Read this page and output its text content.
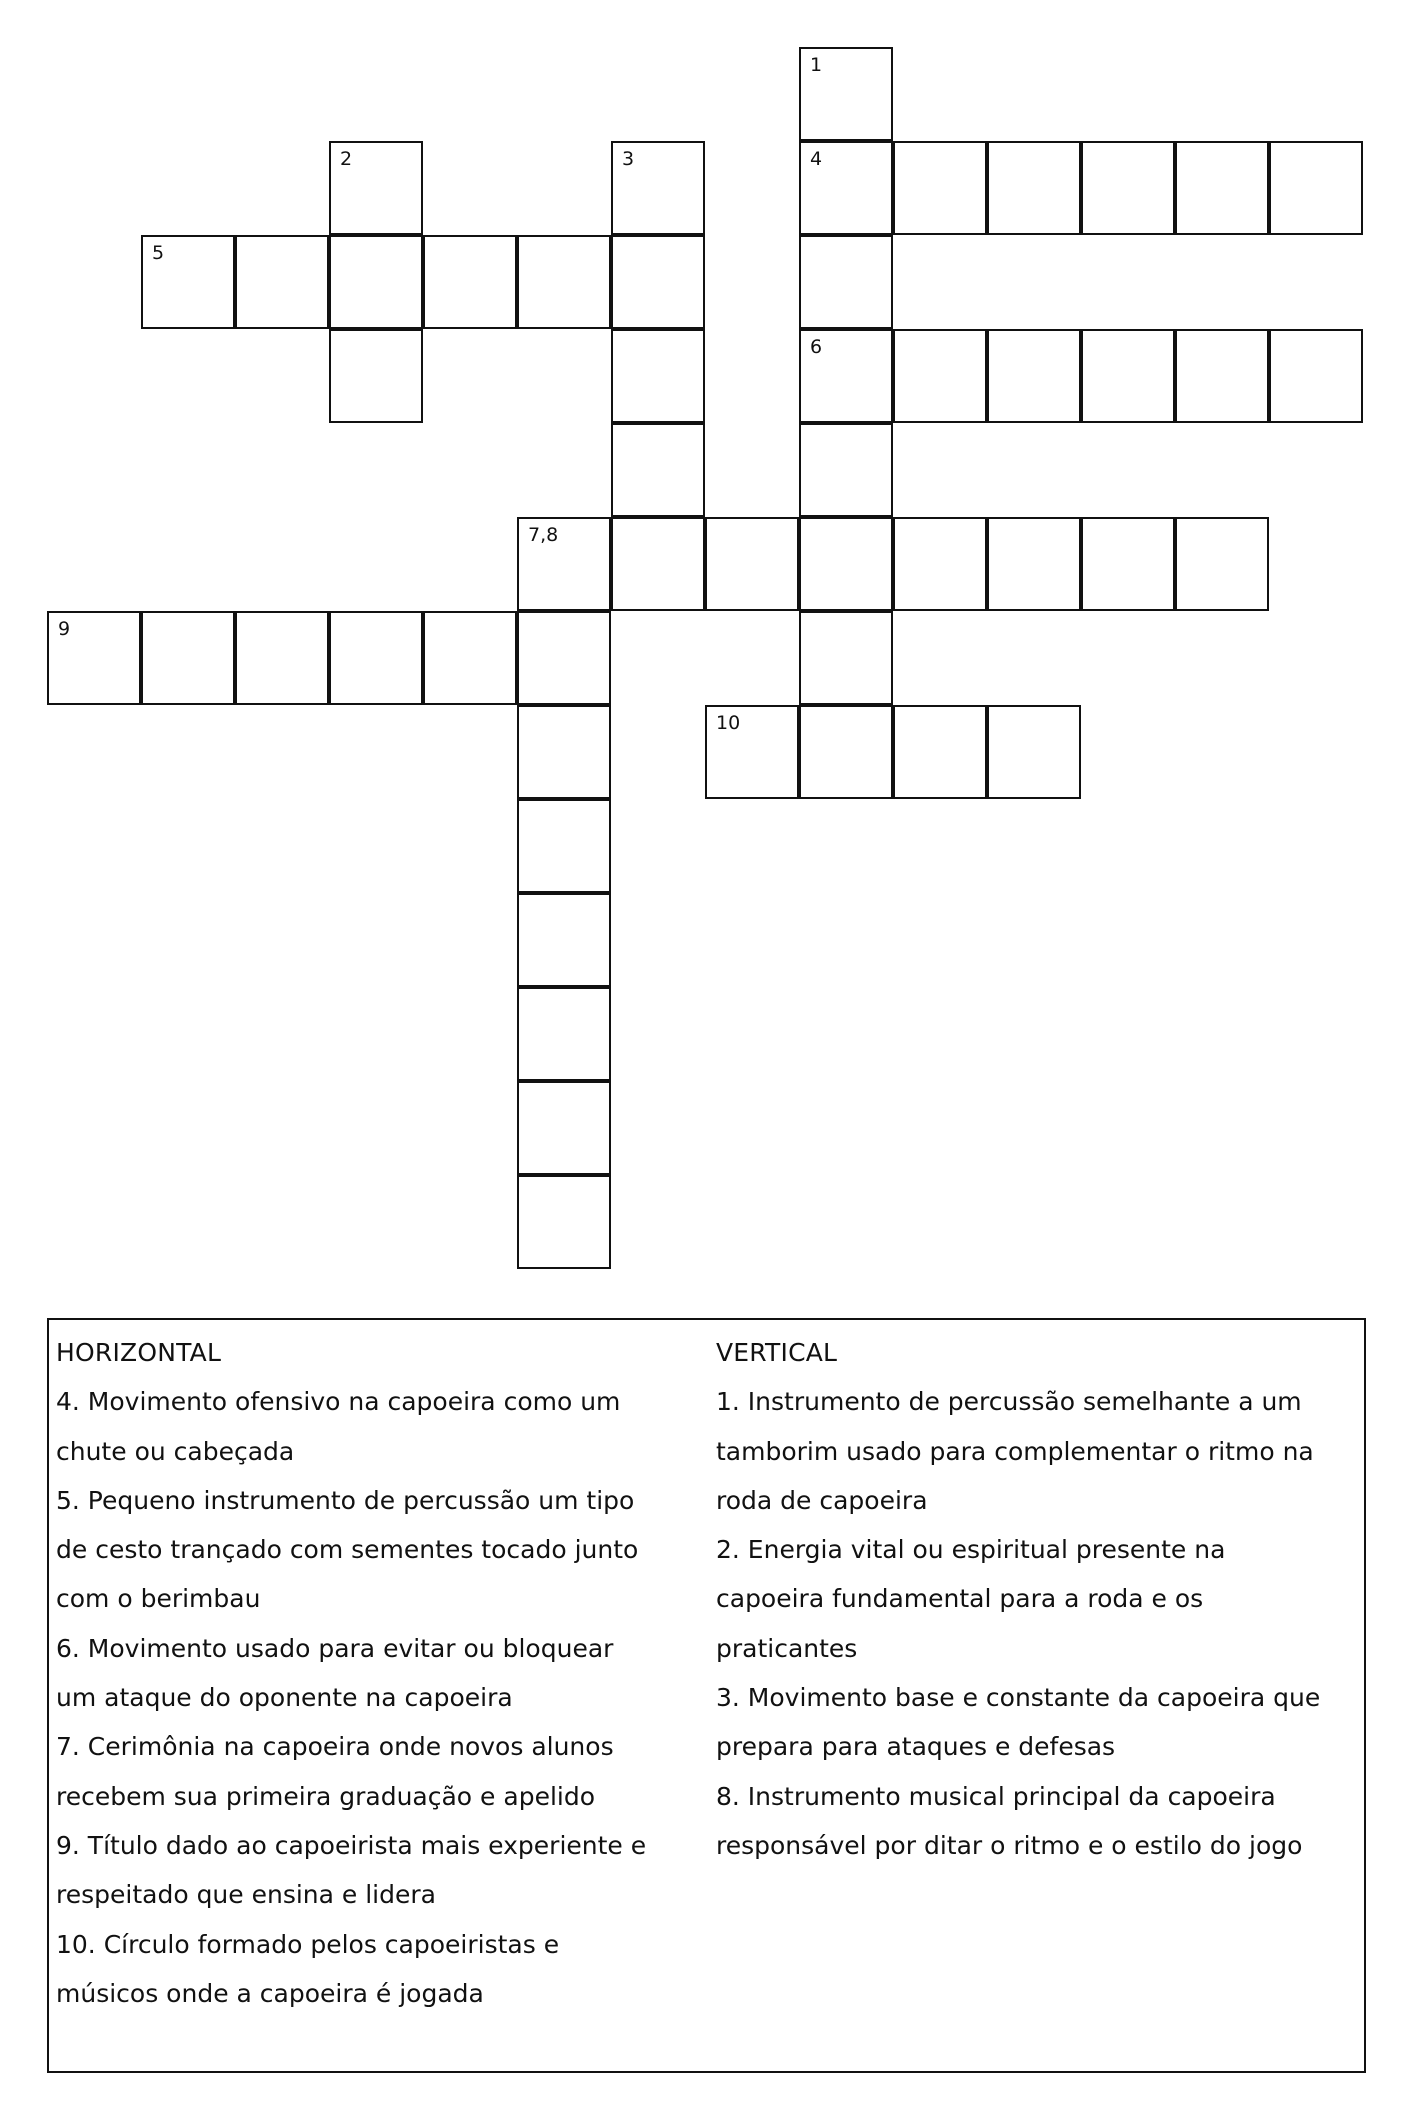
1
4
6
2	3
5
7,8
9
10
HORIZONTAL
4. Movimento ofensivo na capoeira como um
chute ou cabeçada
5. Pequeno instrumento de percussão um tipo
de cesto trançado com sementes tocado junto
com o berimbau
6. Movimento usado para evitar ou bloquear
um ataque do oponente na capoeira
7. Cerimônia na capoeira onde novos alunos
recebem sua primeira graduação e apelido
9. Título dado ao capoeirista mais experiente e
respeitado que ensina e lidera
10. Círculo formado pelos capoeiristas e
músicos onde a capoeira é jogada
VERTICAL
1. Instrumento de percussão semelhante a um
tamborim usado para complementar o ritmo na
roda de capoeira
2. Energia vital ou espiritual presente na
capoeira fundamental para a roda e os
praticantes
3. Movimento base e constante da capoeira que
prepara para ataques e defesas
8. Instrumento musical principal da capoeira
responsável por ditar o ritmo e o estilo do jogo
